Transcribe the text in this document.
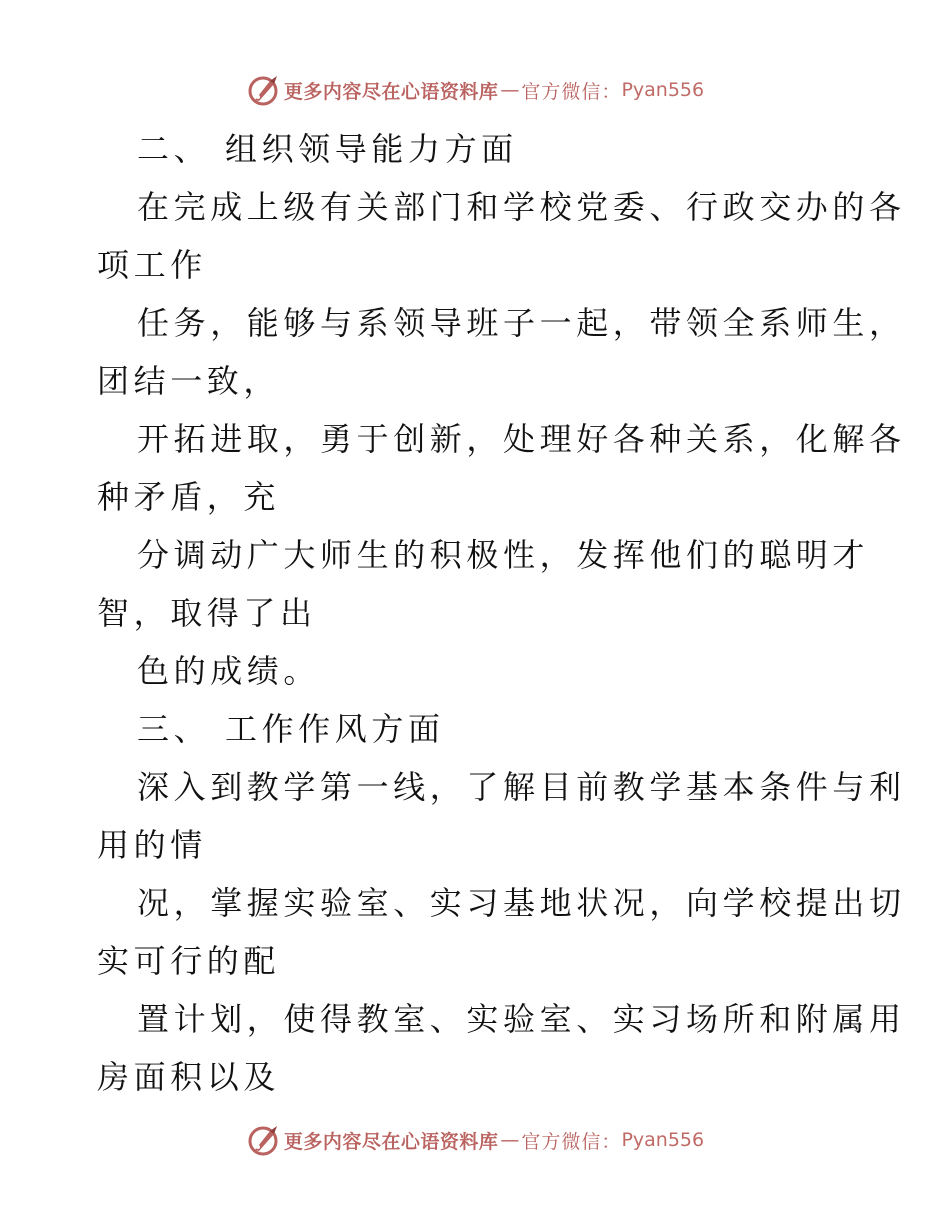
更多内容尽在心语资料库 — 官方微信： Pyan556

二、 组织领导能力方面

在完成上级有关部门和学校党委、行政交办的各

项工作

任务，能够与系领导班子一起，带领全系师生，

团结一致，

开拓进取，勇于创新，处理好各种关系，化解各

种矛盾，充

分调动广大师生的积极性，发挥他们的聪明才

智，取得了出

色的成绩。

三、 工作作风方面

深入到教学第一线，了解目前教学基本条件与利

用的情

况，掌握实验室、实习基地状况，向学校提出切

实可行的配

置计划，使得教室、实验室、实习场所和附属用

房面积以及

更多内容尽在心语资料库 — 官方微信： Pyan556
